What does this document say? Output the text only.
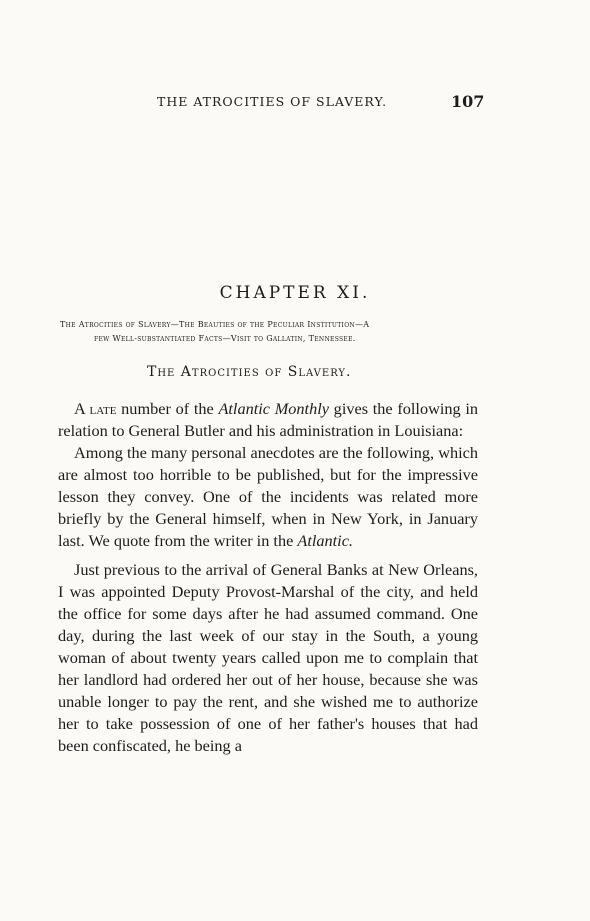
THE ATROCITIES OF SLAVERY.	107
CHAPTER XI.
The Atrocities of Slavery—The Beauties of the Peculiar Institution—A
few Well-substantiated Facts—Visit to Gallatin, Tennessee.
The Atrocities of Slavery.

A late number of the Atlantic Monthly gives the following in relation to General Butler and his administration in Louisiana:

Among the many personal anecdotes are the following, which are almost too horrible to be published, but for the impressive lesson they convey. One of the incidents was related more briefly by the General himself, when in New York, in January last. We quote from the writer in the Atlantic.

Just previous to the arrival of General Banks at New Orleans, I was appointed Deputy Provost-Marshal of the city, and held the office for some days after he had assumed command. One day, during the last week of our stay in the South, a young woman of about twenty years called upon me to complain that her landlord had ordered her out of her house, because she was unable longer to pay the rent, and she wished me to authorize her to take possession of one of her father's houses that had been confiscated, he being a
